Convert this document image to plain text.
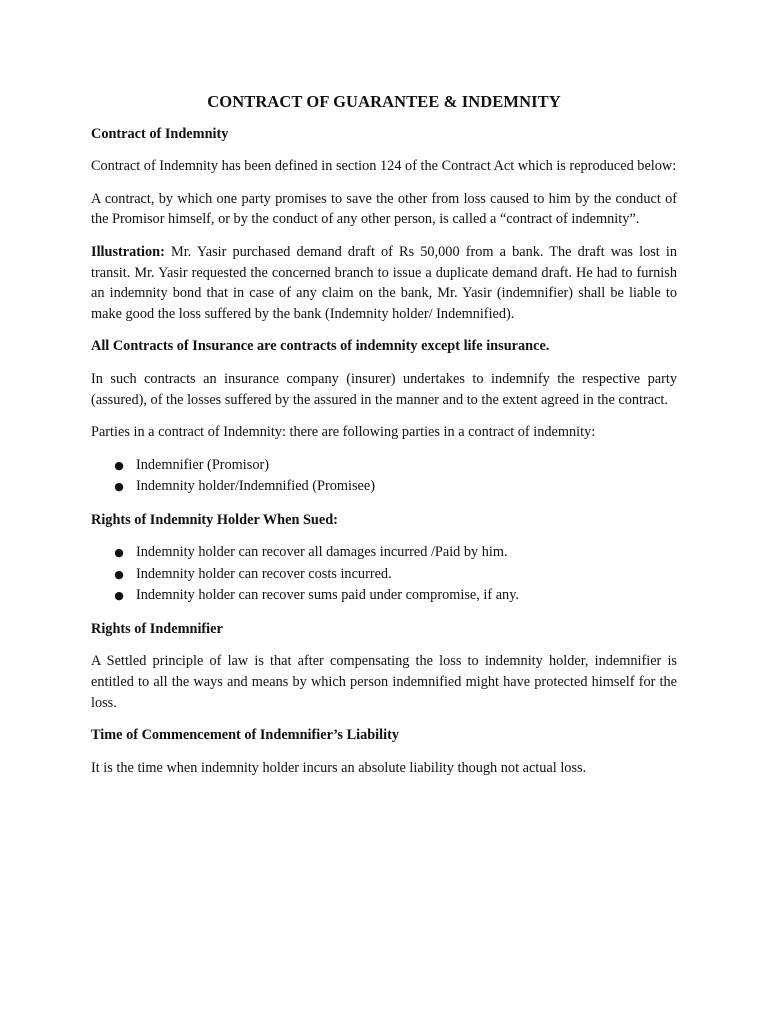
CONTRACT OF GUARANTEE & INDEMNITY
Contract of Indemnity
Contract of Indemnity has been defined in section 124 of the Contract Act which is reproduced below:
A contract, by which one party promises to save the other from loss caused to him by the conduct of the Promisor himself, or by the conduct of any other person, is called a “contract of indemnity”.
Illustration: Mr. Yasir purchased demand draft of Rs 50,000 from a bank. The draft was lost in transit. Mr. Yasir requested the concerned branch to issue a duplicate demand draft. He had to furnish an indemnity bond that in case of any claim on the bank, Mr. Yasir (indemnifier) shall be liable to make good the loss suffered by the bank (Indemnity holder/ Indemnified).
All Contracts of Insurance are contracts of indemnity except life insurance.
In such contracts an insurance company (insurer) undertakes to indemnify the respective party (assured), of the losses suffered by the assured in the manner and to the extent agreed in the contract.
Parties in a contract of Indemnity: there are following parties in a contract of indemnity:
● Indemnifier (Promisor)
● Indemnity holder/Indemnified (Promisee)
Rights of Indemnity Holder When Sued:
● Indemnity holder can recover all damages incurred /Paid by him.
● Indemnity holder can recover costs incurred.
● Indemnity holder can recover sums paid under compromise, if any.
Rights of Indemnifier
A Settled principle of law is that after compensating the loss to indemnity holder, indemnifier is entitled to all the ways and means by which person indemnified might have protected himself for the loss.
Time of Commencement of Indemnifier’s Liability
It is the time when indemnity holder incurs an absolute liability though not actual loss.
